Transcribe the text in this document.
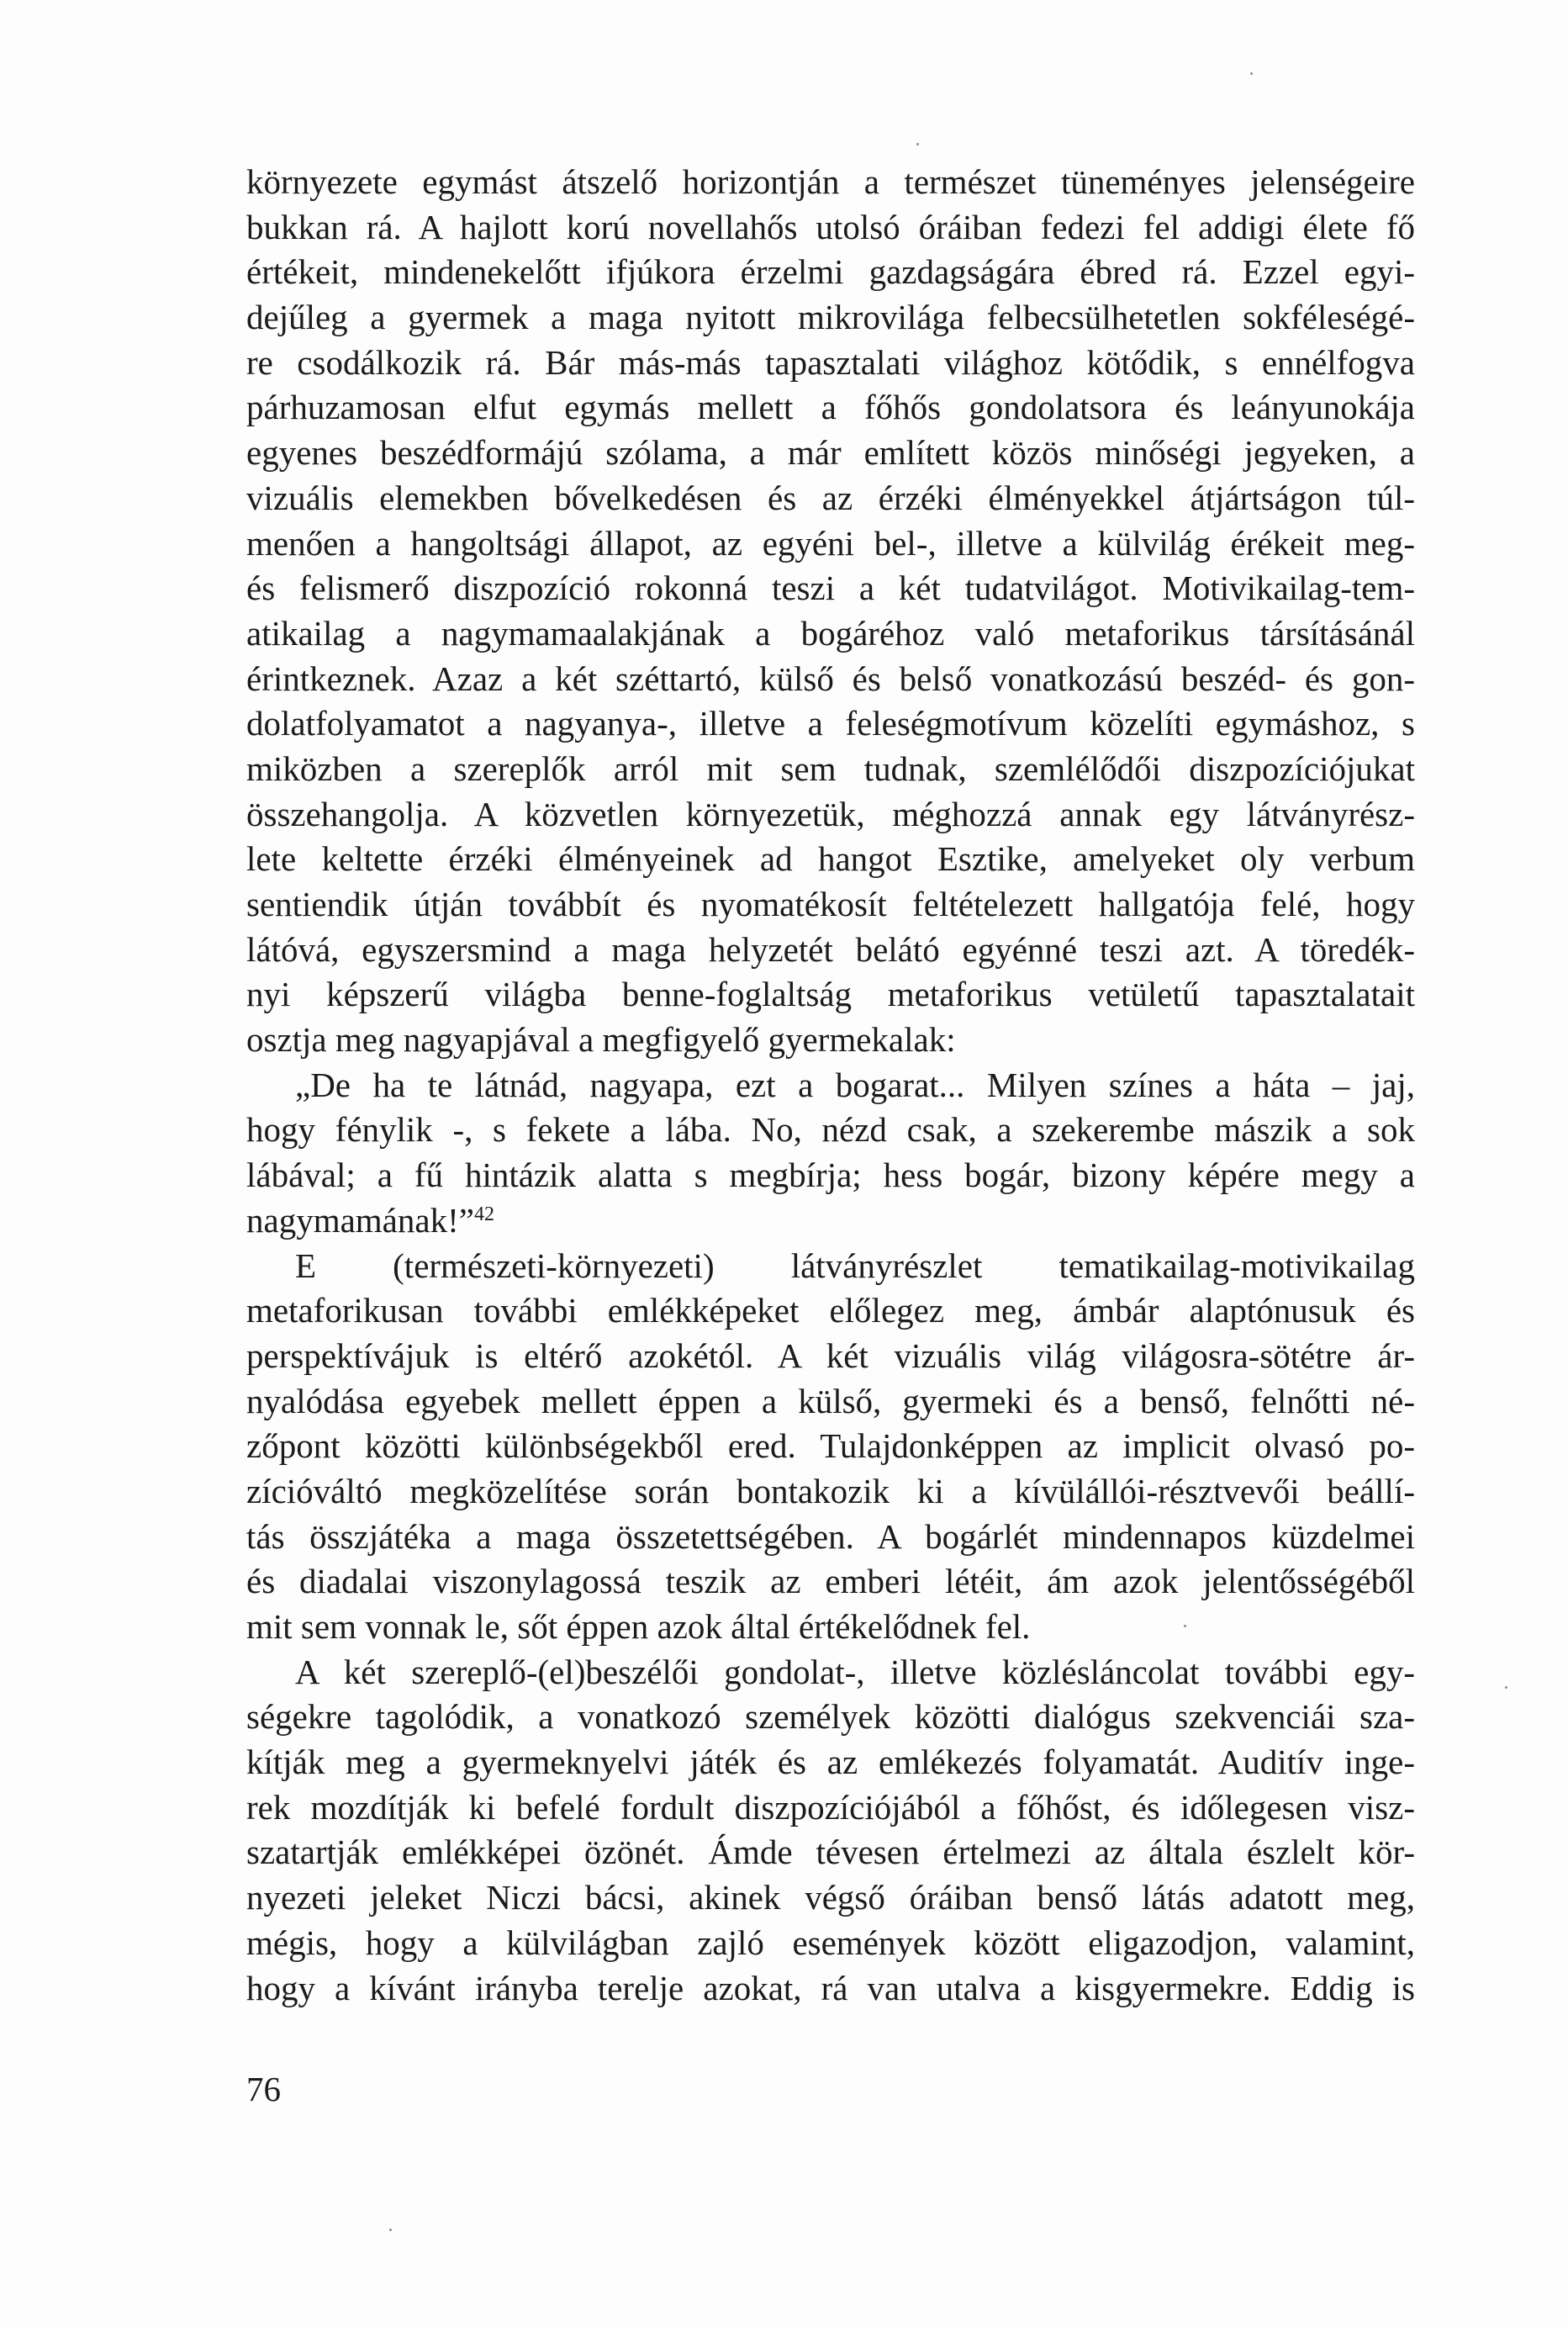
környezete egymást átszelő horizontján a természet tüneményes jelenségeire
bukkan rá. A hajlott korú novellahős utolsó óráiban fedezi fel addigi élete fő
értékeit, mindenekelőtt ifjúkora érzelmi gazdagságára ébred rá. Ezzel egyi-
dejűleg a gyermek a maga nyitott mikrovilága felbecsülhetetlen sokféleségé-
re csodálkozik rá. Bár más-más tapasztalati világhoz kötődik, s ennélfogva
párhuzamosan elfut egymás mellett a főhős gondolatsora és leányunokája
egyenes beszédformájú szólama, a már említett közös minőségi jegyeken, a
vizuális elemekben bővelkedésen és az érzéki élményekkel átjártságon túl-
menően a hangoltsági állapot, az egyéni bel-, illetve a külvilág érékeit meg-
és felismerő diszpozíció rokonná teszi a két tudatvilágot. Motivikailag-tem-
atikailag a nagymamaalakjának a bogáréhoz való metaforikus társításánál
érintkeznek. Azaz a két széttartó, külső és belső vonatkozású beszéd- és gon-
dolatfolyamatot a nagyanya-, illetve a feleségmotívum közelíti egymáshoz, s
miközben a szereplők arról mit sem tudnak, szemlélődői diszpozíciójukat
összehangolja. A közvetlen környezetük, méghozzá annak egy látványrész-
lete keltette érzéki élményeinek ad hangot Esztike, amelyeket oly verbum
sentiendik útján továbbít és nyomatékosít feltételezett hallgatója felé, hogy
látóvá, egyszersmind a maga helyzetét belátó egyénné teszi azt. A töredék-
nyi képszerű világba benne-foglaltság metaforikus vetületű tapasztalatait
osztja meg nagyapjával a megfigyelő gyermekalak:
„De ha te látnád, nagyapa, ezt a bogarat... Milyen színes a háta – jaj,
hogy fénylik -, s fekete a lába. No, nézd csak, a szekerembe mászik a sok
lábával; a fű hintázik alatta s megbírja; hess bogár, bizony képére megy a
nagymamának!”$^{42}$
E (természeti-környezeti) látványrészlet tematikailag-motivikailag
metaforikusan további emlékképeket előlegez meg, ámbár alaptónusuk és
perspektívájuk is eltérő azokétól. A két vizuális világ világosra-sötétre ár-
nyalódása egyebek mellett éppen a külső, gyermeki és a benső, felnőtti né-
zőpont közötti különbségekből ered. Tulajdonképpen az implicit olvasó po-
zícióváltó megközelítése során bontakozik ki a kívülállói-résztvevői beállí-
tás összjátéka a maga összetettségében. A bogárlét mindennapos küzdelmei
és diadalai viszonylagossá teszik az emberi létéit, ám azok jelentősségéből
mit sem vonnak le, sőt éppen azok által értékelődnek fel.
A két szereplő-(el)beszélői gondolat-, illetve közlésláncolat további egy-
ségekre tagolódik, a vonatkozó személyek közötti dialógus szekvenciái sza-
kítják meg a gyermeknyelvi játék és az emlékezés folyamatát. Auditív inge-
rek mozdítják ki befelé fordult diszpozíciójából a főhőst, és időlegesen visz-
szatartják emlékképei özönét. Ámde tévesen értelmezi az általa észlelt kör-
nyezeti jeleket Niczi bácsi, akinek végső óráiban benső látás adatott meg,
mégis, hogy a külvilágban zajló események között eligazodjon, valamint,
hogy a kívánt irányba terelje azokat, rá van utalva a kisgyermekre. Eddig is
76
